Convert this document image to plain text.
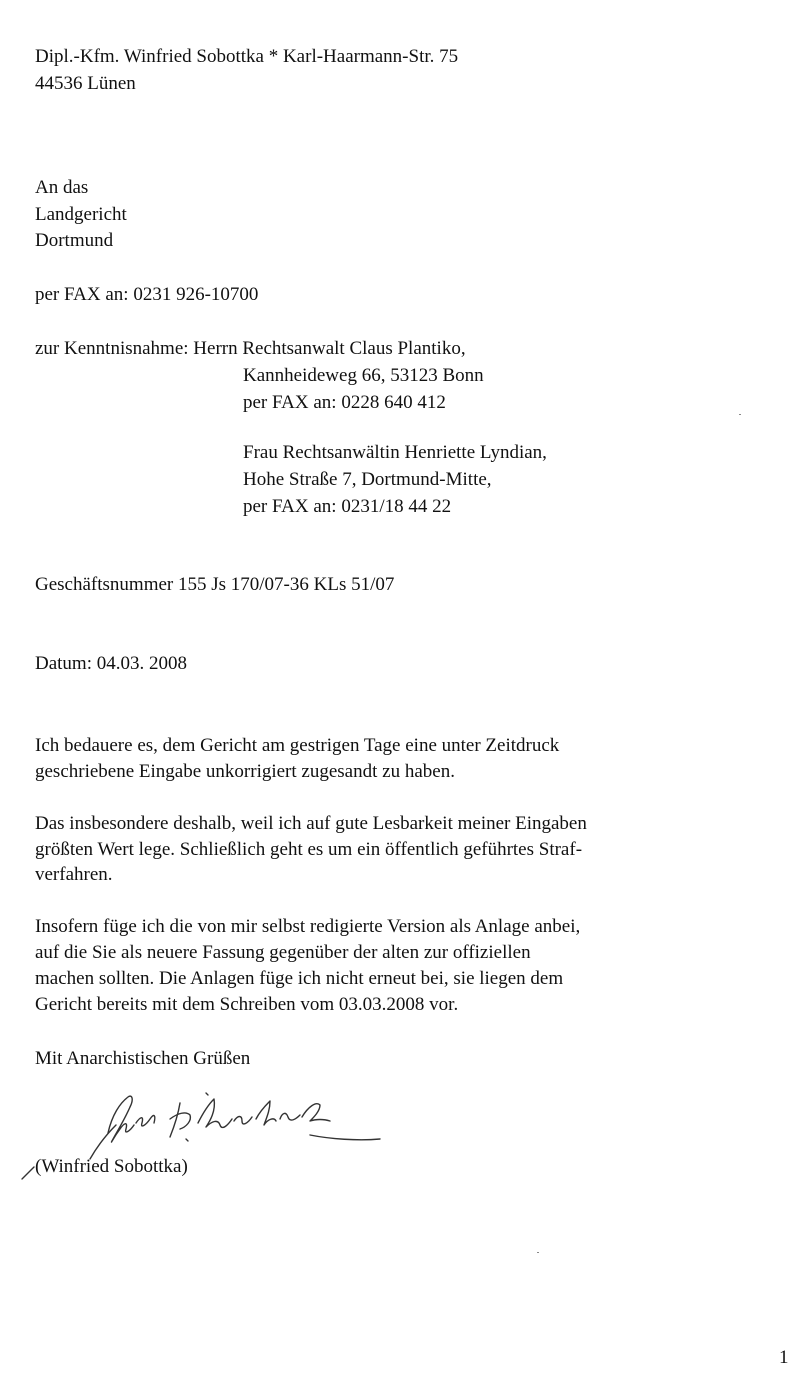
Dipl.-Kfm. Winfried Sobottka * Karl-Haarmann-Str. 75
44536 Lünen
An das
Landgericht
Dortmund
per FAX an: 0231 926-10700
zur Kenntnisnahme: Herrn Rechtsanwalt Claus Plantiko,
Kannheideweg 66, 53123 Bonn
per FAX an: 0228 640 412
Frau Rechtsanwältin Henriette Lyndian,
Hohe Straße 7, Dortmund-Mitte,
per FAX an: 0231/18 44 22
Geschäftsnummer 155 Js 170/07-36 KLs 51/07
Datum: 04.03. 2008
Ich bedauere es, dem Gericht am gestrigen Tage eine unter Zeitdruck
geschriebene Eingabe unkorrigiert zugesandt zu haben.
Das insbesondere deshalb, weil ich auf gute Lesbarkeit meiner Eingaben
größten Wert lege. Schließlich geht es um ein öffentlich geführtes Straf-
verfahren.
Insofern füge ich die von mir selbst redigierte Version als Anlage anbei,
auf die Sie als neuere Fassung gegenüber der alten zur offiziellen
machen sollten. Die Anlagen füge ich nicht erneut bei, sie liegen dem
Gericht bereits mit dem Schreiben vom 03.03.2008 vor.
Mit Anarchistischen Grüßen
(Winfried Sobottka)
1
